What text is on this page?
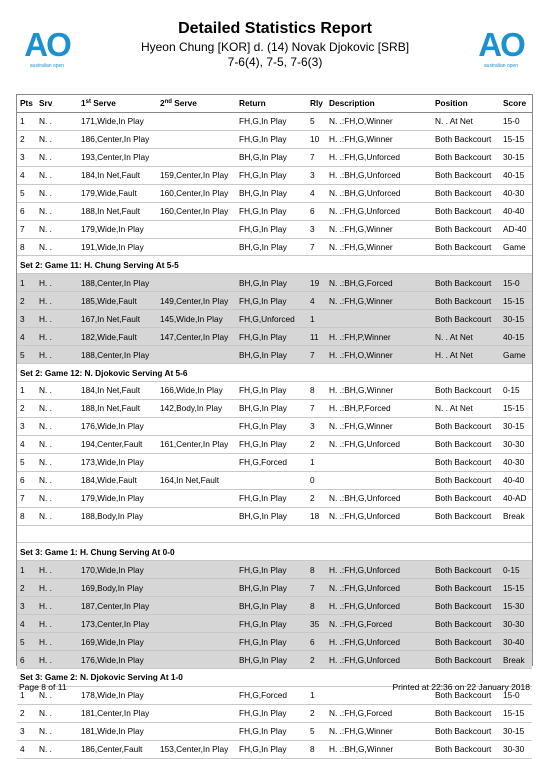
AO
australian open
Detailed Statistics Report
Hyeon Chung [KOR] d. (14) Novak Djokovic [SRB]
7-6(4), 7-5, 7-6(3)	AO
australian open
Pts	Srv	1st Serve	2nd Serve	Return	Rly	Description	Position	Score
1	N. .	171,Wide,In Play		FH,G,In Play	5	N. .:FH,O,Winner	N. . At Net	15-0
2	N. .	186,Center,In Play		FH,G,In Play	10	H. .:FH,G,Winner	Both Backcourt	15-15
3	N. .	193,Center,In Play		BH,G,In Play	7	H. .:FH,G,Unforced	Both Backcourt	30-15
4	N. .	184,In Net,Fault	159,Center,In Play	FH,G,In Play	3	H. .:BH,G,Unforced	Both Backcourt	40-15
5	N. .	179,Wide,Fault	160,Center,In Play	BH,G,In Play	4	N. .:BH,G,Unforced	Both Backcourt	40-30
6	N. .	188,In Net,Fault	160,Center,In Play	FH,G,In Play	6	N. .:FH,G,Unforced	Both Backcourt	40-40
7	N. .	179,Wide,In Play		FH,G,In Play	3	N. .:FH,G,Winner	Both Backcourt	AD-40
8	N. .	191,Wide,In Play		BH,G,In Play	7	N. .:FH,G,Winner	Both Backcourt	Game
Set 2: Game 11: H. Chung Serving At 5-5								
1	H. .	188,Center,In Play		BH,G,In Play	19	N. .:BH,G,Forced	Both Backcourt	15-0
2	H. .	185,Wide,Fault	149,Center,In Play	FH,G,In Play	4	N. .:FH,G,Winner	Both Backcourt	15-15
3	H. .	167,In Net,Fault	145,Wide,In Play	FH,G,Unforced	1		Both Backcourt	30-15
4	H. .	182,Wide,Fault	147,Center,In Play	FH,G,In Play	11	H. .:FH,P,Winner	N. . At Net	40-15
5	H. .	188,Center,In Play		BH,G,In Play	7	H. .:FH,O,Winner	H. . At Net	Game
Set 2: Game 12: N. Djokovic Serving At 5-6								
1	N. .	184,In Net,Fault	166,Wide,In Play	FH,G,In Play	8	H. .:BH,G,Winner	Both Backcourt	0-15
2	N. .	188,In Net,Fault	142,Body,In Play	BH,G,In Play	7	H. .:BH,P,Forced	N. . At Net	15-15
3	N. .	176,Wide,In Play		FH,G,In Play	3	N. .:FH,G,Winner	Both Backcourt	30-15
4	N. .	194,Center,Fault	161,Center,In Play	FH,G,In Play	2	N. .:FH,G,Unforced	Both Backcourt	30-30
5	N. .	173,Wide,In Play		FH,G,Forced	1		Both Backcourt	40-30
6	N. .	184,Wide,Fault	164,In Net,Fault		0		Both Backcourt	40-40
7	N. .	179,Wide,In Play		FH,G,In Play	2	N. .:BH,G,Unforced	Both Backcourt	40-AD
8	N. .	188,Body,In Play		BH,G,In Play	18	N. .:FH,G,Unforced	Both Backcourt	Break

Set 3: Game 1: H. Chung Serving At 0-0								
1	H. .	170,Wide,In Play		FH,G,In Play	8	H. .:FH,G,Unforced	Both Backcourt	0-15
2	H. .	169,Body,In Play		BH,G,In Play	7	N. .:FH,G,Unforced	Both Backcourt	15-15
3	H. .	187,Center,In Play		BH,G,In Play	8	H. .:FH,G,Unforced	Both Backcourt	15-30
4	H. .	173,Center,In Play		FH,G,In Play	35	N. .:FH,G,Forced	Both Backcourt	30-30
5	H. .	169,Wide,In Play		FH,G,In Play	6	H. .:FH,G,Unforced	Both Backcourt	30-40
6	H. .	176,Wide,In Play		BH,G,In Play	2	H. .:FH,G,Unforced	Both Backcourt	Break
Set 3: Game 2: N. Djokovic Serving At 1-0								
1	N. .	178,Wide,In Play		FH,G,Forced	1		Both Backcourt	15-0
2	N. .	181,Center,In Play		FH,G,In Play	2	N. .:FH,G,Forced	Both Backcourt	15-15
3	N. .	181,Wide,In Play		FH,G,In Play	5	N. .:FH,G,Winner	Both Backcourt	30-15
4	N. .	186,Center,Fault	153,Center,In Play	FH,G,In Play	8	H. .:BH,G,Winner	Both Backcourt	30-30
Page 8 of 11	Printed at 22:36 on 22 January 2018
